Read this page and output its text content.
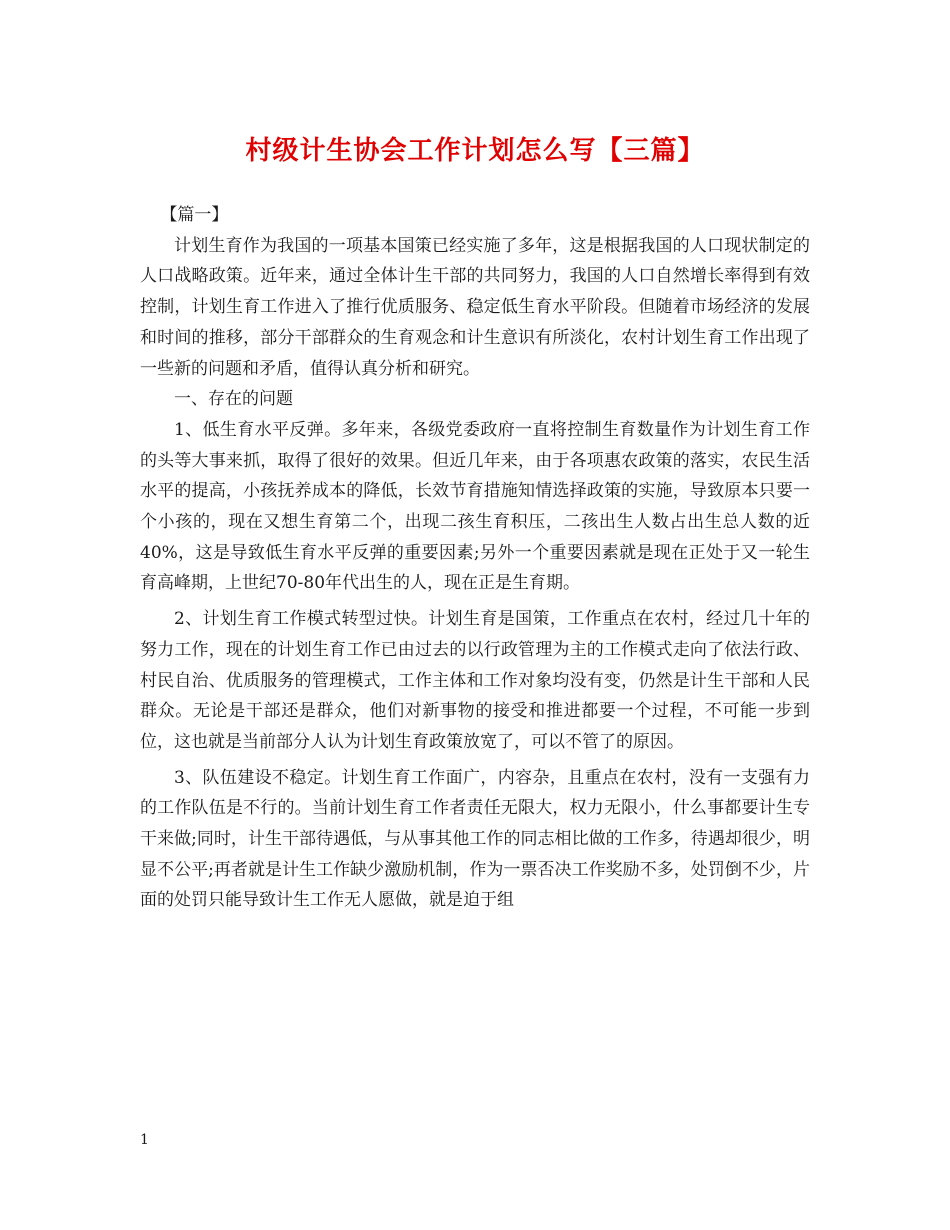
村级计生协会工作计划怎么写【三篇】

【篇一】

计划生育作为我国的一项基本国策已经实施了多年，这是根据我国的人口现状制定的人口战略政策。近年来，通过全体计生干部的共同努力，我国的人口自然增长率得到有效控制，计划生育工作进入了推行优质服务、稳定低生育水平阶段。但随着市场经济的发展和时间的推移，部分干部群众的生育观念和计生意识有所淡化，农村计划生育工作出现了一些新的问题和矛盾，值得认真分析和研究。

一、存在的问题

1、低生育水平反弹。多年来，各级党委政府一直将控制生育数量作为计划生育工作的头等大事来抓，取得了很好的效果。但近几年来，由于各项惠农政策的落实，农民生活水平的提高，小孩抚养成本的降低，长效节育措施知情选择政策的实施，导致原本只要一个小孩的，现在又想生育第二个，出现二孩生育积压，二孩出生人数占出生总人数的近40%，这是导致低生育水平反弹的重要因素;另外一个重要因素就是现在正处于又一轮生育高峰期，上世纪70-80年代出生的人，现在正是生育期。

2、计划生育工作模式转型过快。计划生育是国策，工作重点在农村，经过几十年的努力工作，现在的计划生育工作已由过去的以行政管理为主的工作模式走向了依法行政、村民自治、优质服务的管理模式，工作主体和工作对象均没有变，仍然是计生干部和人民群众。无论是干部还是群众，他们对新事物的接受和推进都要一个过程，不可能一步到位，这也就是当前部分人认为计划生育政策放宽了，可以不管了的原因。

3、队伍建设不稳定。计划生育工作面广，内容杂，且重点在农村，没有一支强有力的工作队伍是不行的。当前计划生育工作者责任无限大，权力无限小，什么事都要计生专干来做;同时，计生干部待遇低，与从事其他工作的同志相比做的工作多，待遇却很少，明显不公平;再者就是计生工作缺少激励机制，作为一票否决工作奖励不多，处罚倒不少，片面的处罚只能导致计生工作无人愿做，就是迫于组

1
